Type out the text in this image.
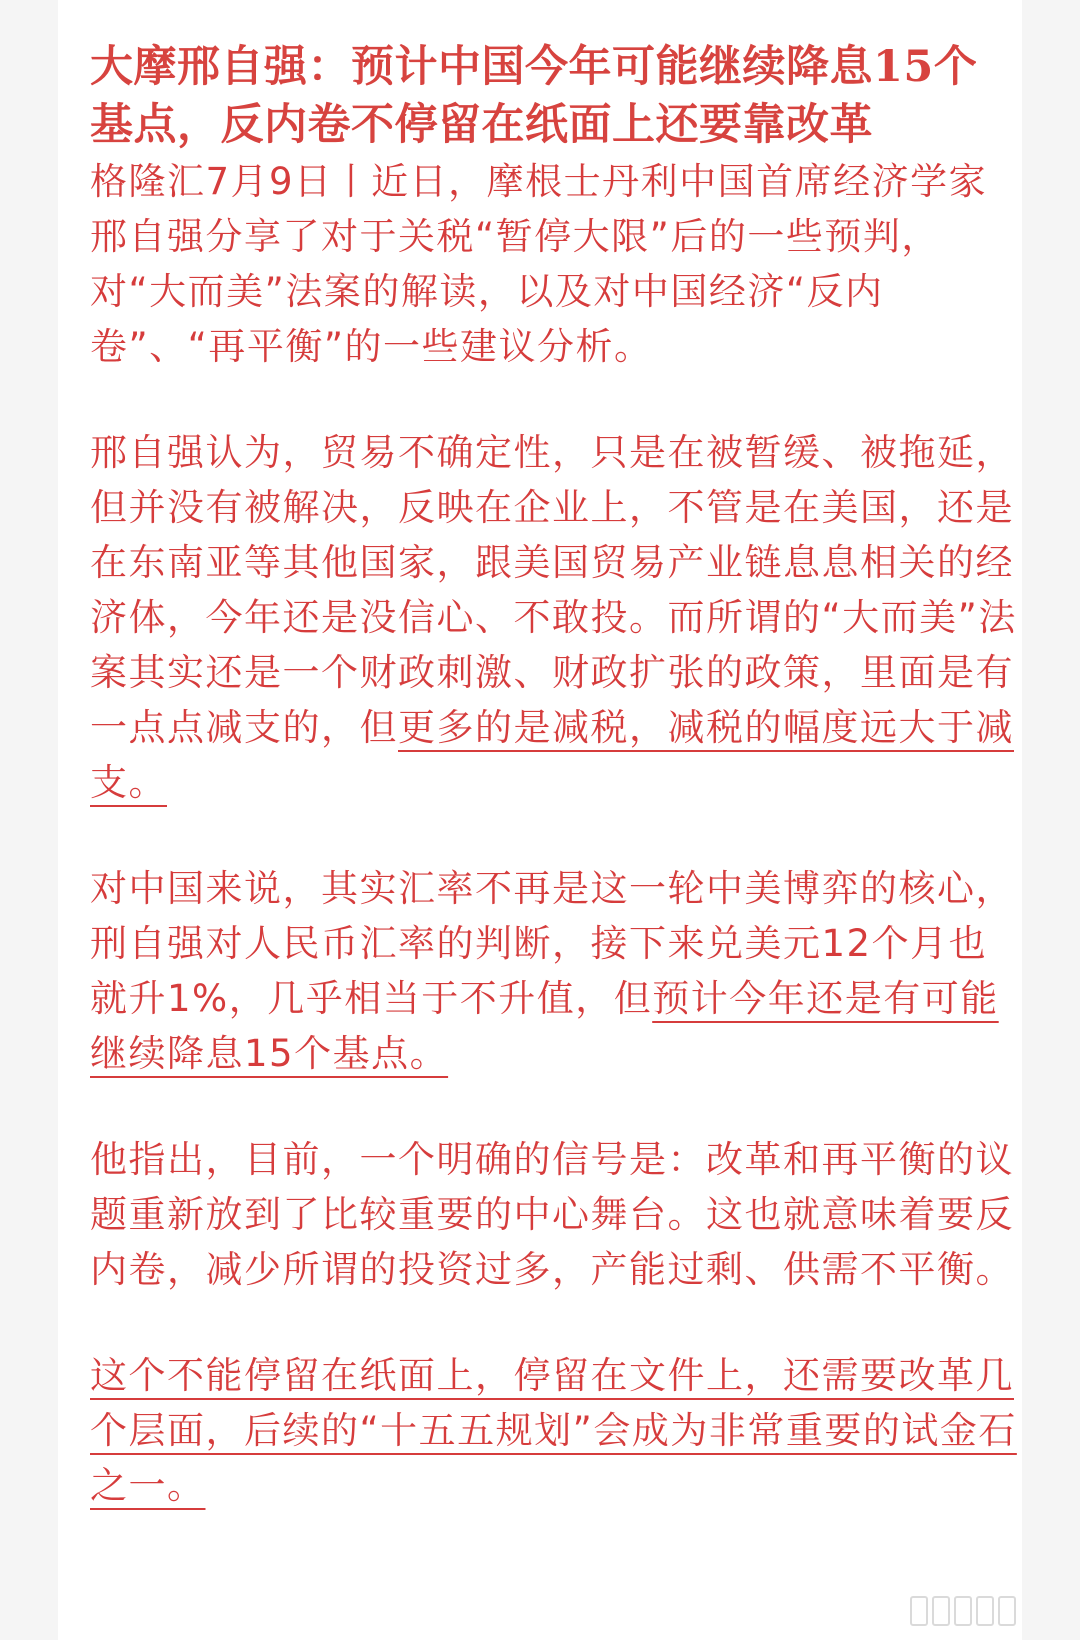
大摩邢自强：预计中国今年可能继续降息15个基点，反内卷不停留在纸面上还要靠改革

格隆汇7月9日丨近日，摩根士丹利中国首席经济学家邢自强分享了对于关税“暂停大限”后的一些预判，对“大而美”法案的解读，以及对中国经济“反内卷”、“再平衡”的一些建议分析。

邢自强认为，贸易不确定性，只是在被暂缓、被拖延，但并没有被解决，反映在企业上，不管是在美国，还是在东南亚等其他国家，跟美国贸易产业链息息相关的经济体，今年还是没信心、不敢投。而所谓的“大而美”法案其实还是一个财政刺激、财政扩张的政策，里面是有一点点减支的，但更多的是减税，减税的幅度远大于减支。

对中国来说，其实汇率不再是这一轮中美博弈的核心，刑自强对人民币汇率的判断，接下来兑美元12个月也就升1%，几乎相当于不升值，但预计今年还是有可能继续降息15个基点。

他指出，目前，一个明确的信号是：改革和再平衡的议题重新放到了比较重要的中心舞台。这也就意味着要反内卷，减少所谓的投资过多，产能过剩、供需不平衡。

这个不能停留在纸面上，停留在文件上，还需要改革几个层面，后续的“十五五规划”会成为非常重要的试金石之一。
